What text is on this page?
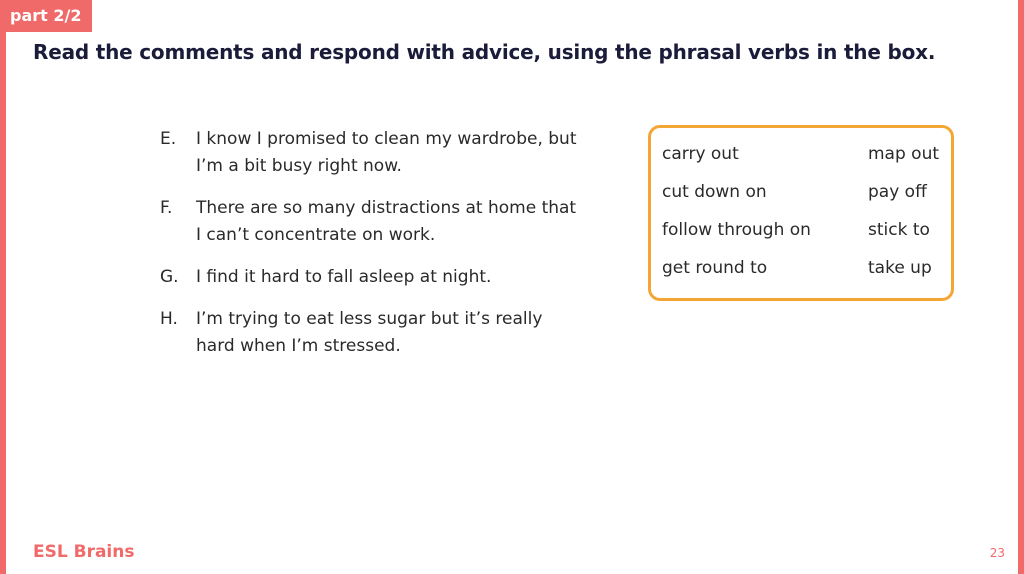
part 2/2
Read the comments and respond with advice, using the phrasal verbs in the box.
E.	I know I promised to clean my wardrobe, but I’m a bit busy right now.
F.	There are so many distractions at home that I can’t concentrate on work.
G.	I find it hard to fall asleep at night.
H.	I’m trying to eat less sugar but it’s really hard when I’m stressed.
carry out	map out
cut down on	pay off
follow through on	stick to
get round to	take up
ESL Brains	23
